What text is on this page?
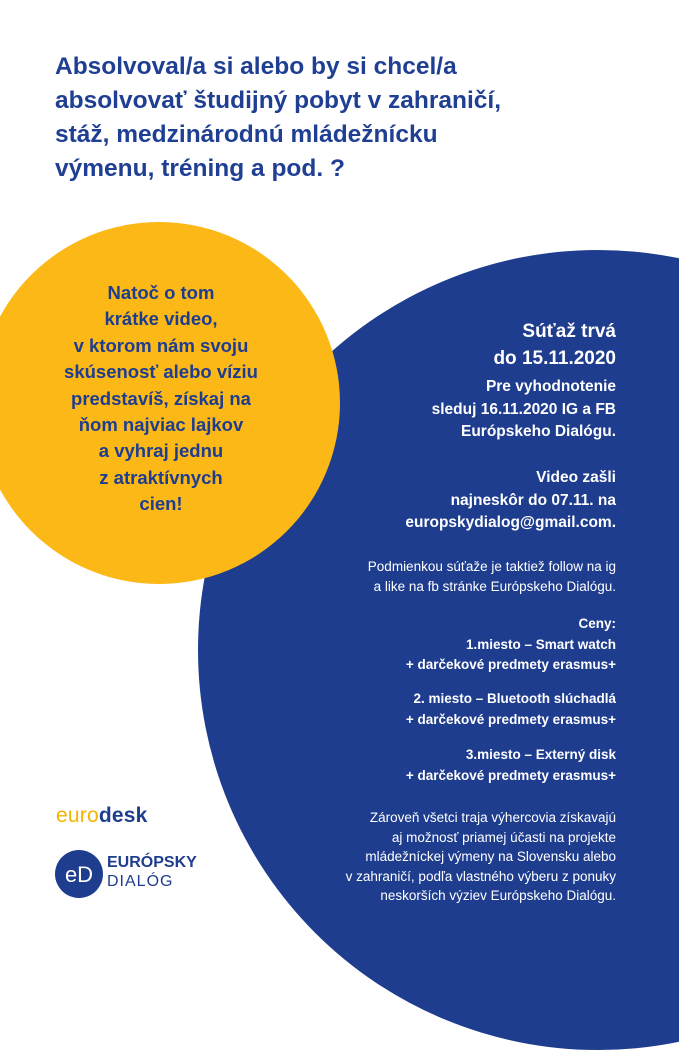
Absolvoval/a si alebo by si chcel/a
absolvovať študijný pobyt v zahraničí,
stáž, medzinárodnú mládežnícku
výmenu, tréning a pod. ?
Natoč o tom
krátke video,
v ktorom nám svoju
skúsenosť alebo víziu
predstavíš, získaj na
ňom najviac lajkov
a vyhraj jednu
z atraktívnych
cien!
Súťaž trvá
do 15.11.2020
Pre vyhodnotenie
sleduj 16.11.2020 IG a FB
Európskeho Dialógu.
Video zašli
najneskôr do 07.11. na
europskydialog@gmail.com.
Podmienkou súťaže je taktiež follow na ig
a like na fb stránke Európskeho Dialógu.
Ceny:
1.miesto – Smart watch
+ darčekové predmety erasmus+
2. miesto – Bluetooth slúchadlá
+ darčekové predmety erasmus+
3.miesto – Externý disk
+ darčekové predmety erasmus+
Zároveň všetci traja výhercovia získavajú
aj možnosť priamej účasti na projekte
mládežníckej výmeny na Slovensku alebo
v zahraničí, podľa vlastného výberu z ponuky
neskorších výziev Európskeho Dialógu.
eurodesk
eD EURÓPSKY
DIALÓG
